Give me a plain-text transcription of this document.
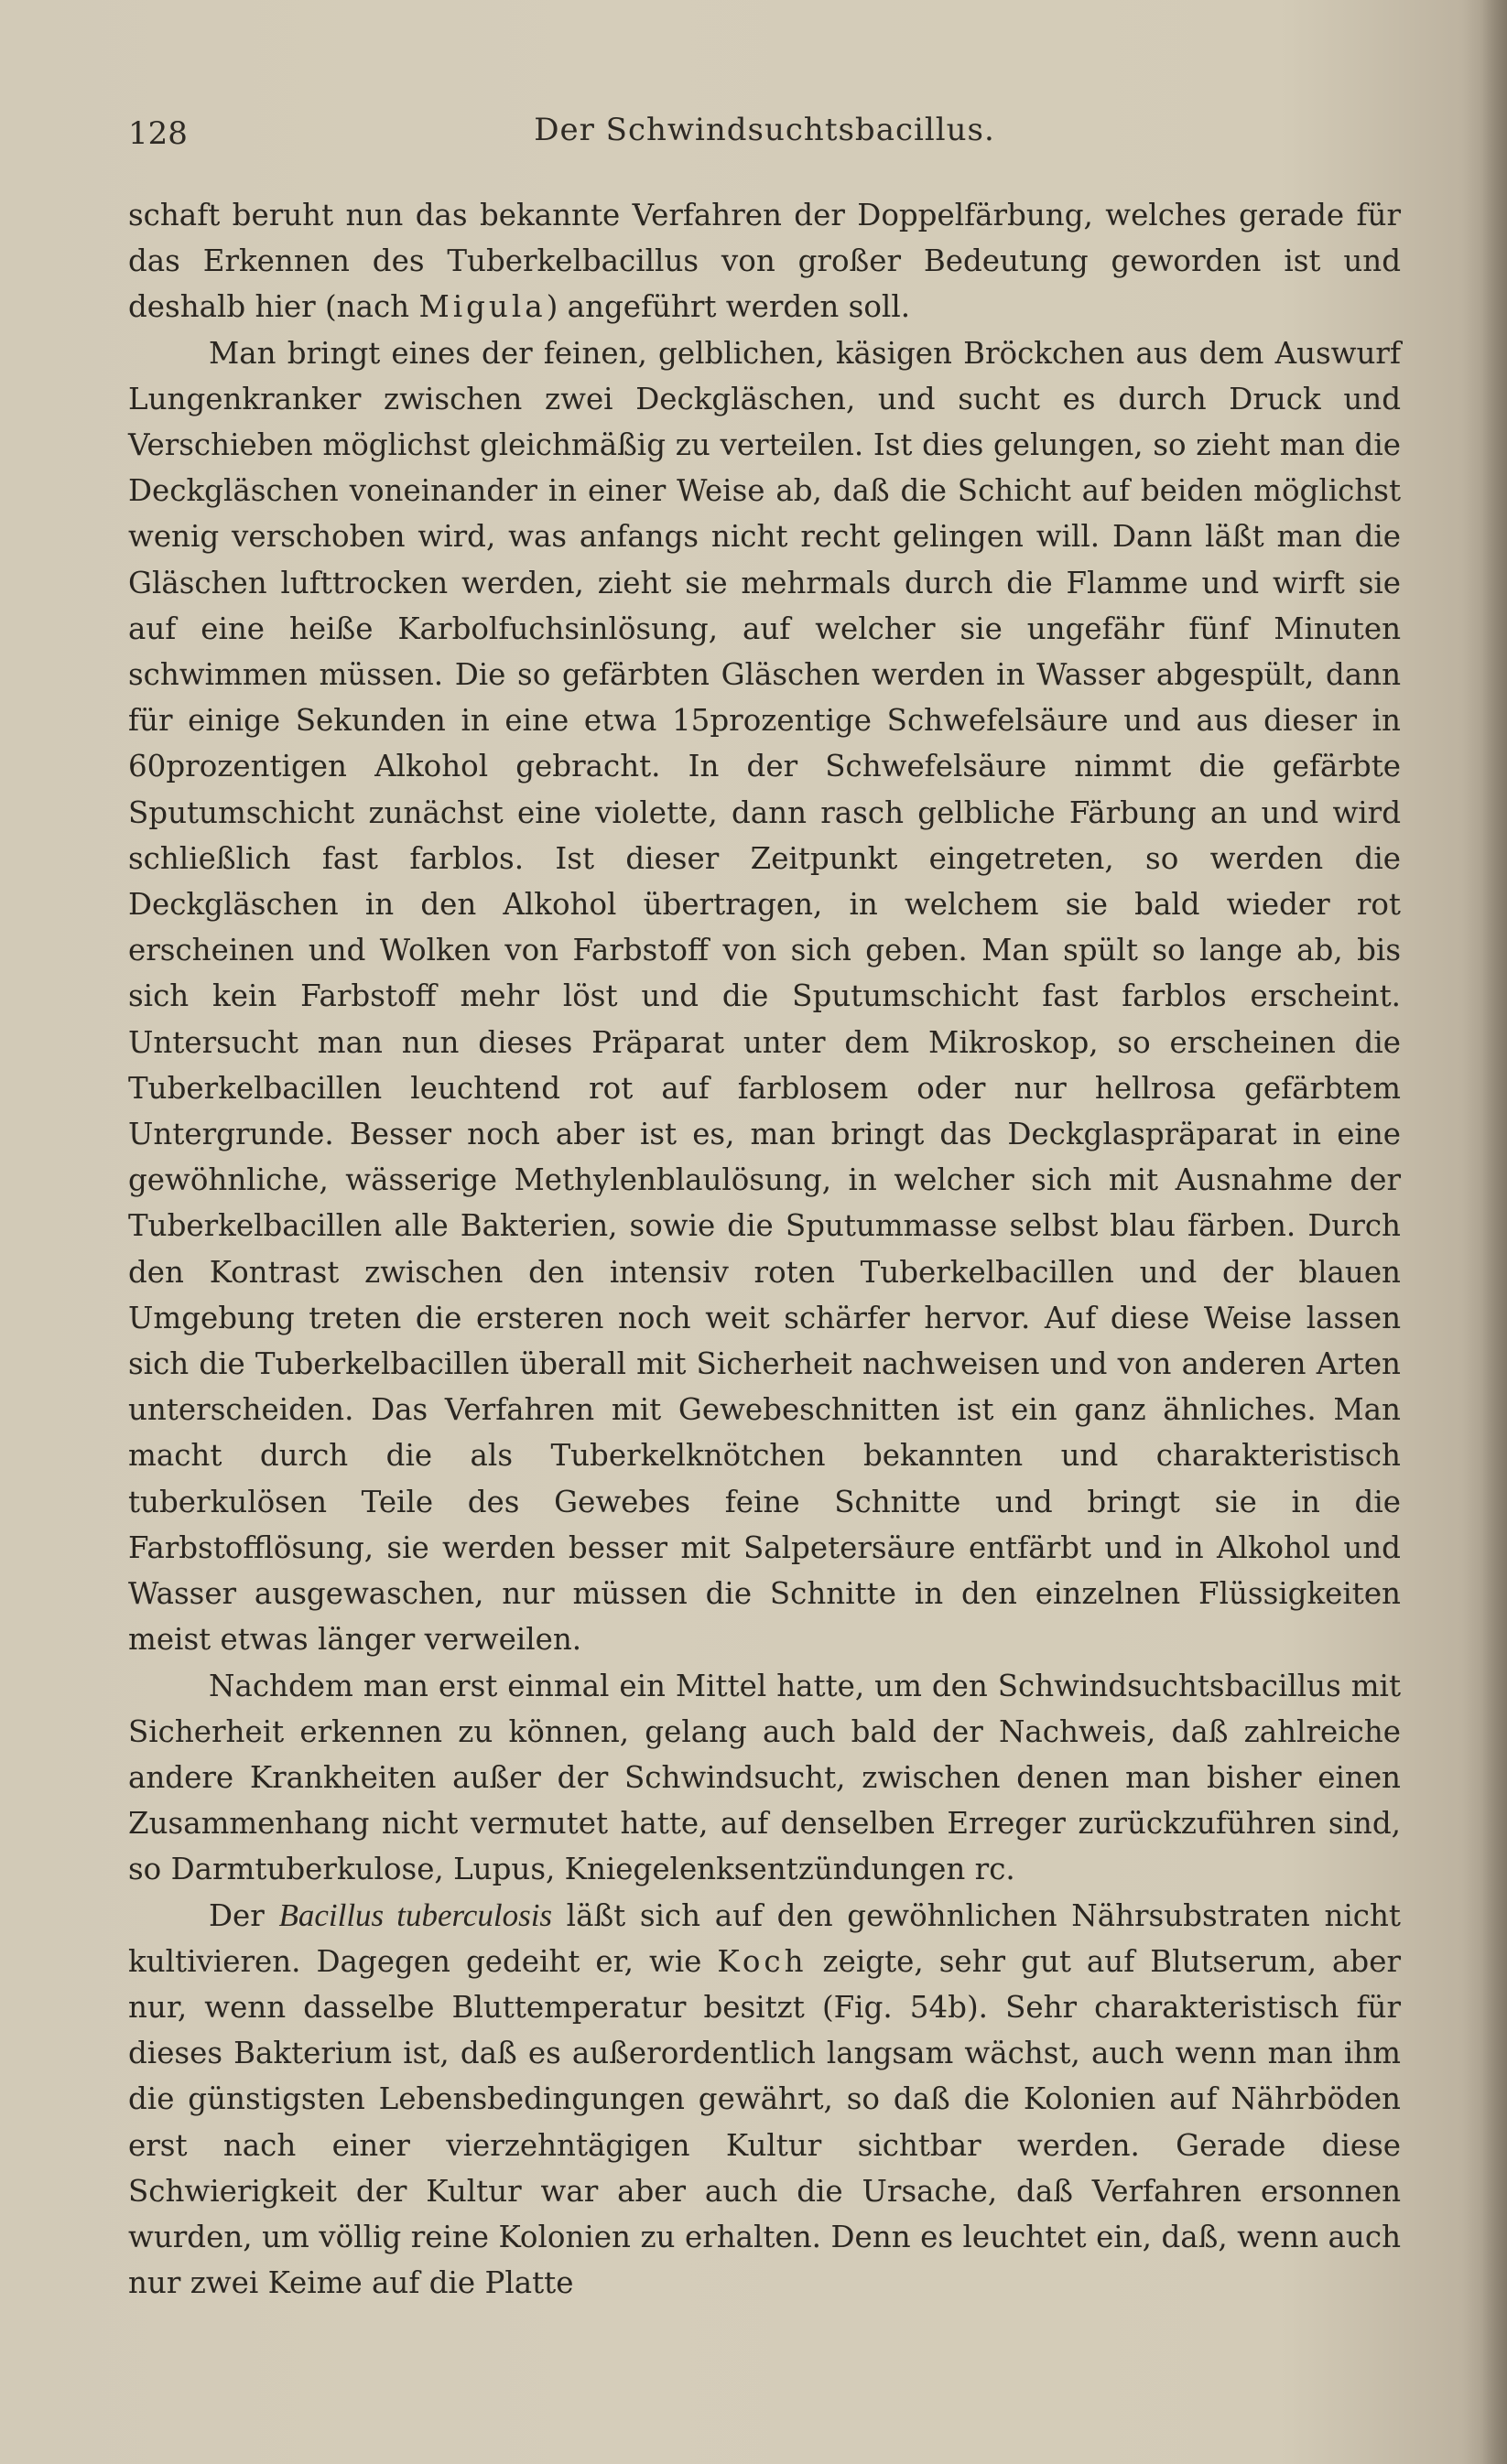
128	Der Schwindsuchtsbacillus.

schaft beruht nun das bekannte Verfahren der Doppelfärbung, welches gerade für das Erkennen des Tuberkelbacillus von großer Bedeutung geworden ist und deshalb hier (nach Migula) angeführt werden soll.

Man bringt eines der feinen, gelblichen, käsigen Bröckchen aus dem Auswurf Lungenkranker zwischen zwei Deckgläschen, und sucht es durch Druck und Verschieben möglichst gleichmäßig zu verteilen. Ist dies gelungen, so zieht man die Deckgläschen voneinander in einer Weise ab, daß die Schicht auf beiden möglichst wenig verschoben wird, was anfangs nicht recht gelingen will. Dann läßt man die Gläschen lufttrocken werden, zieht sie mehrmals durch die Flamme und wirft sie auf eine heiße Karbolfuchsinlösung, auf welcher sie ungefähr fünf Minuten schwimmen müssen. Die so gefärbten Gläschen werden in Wasser abgespült, dann für einige Sekunden in eine etwa 15prozentige Schwefelsäure und aus dieser in 60prozentigen Alkohol gebracht. In der Schwefelsäure nimmt die gefärbte Sputumschicht zunächst eine violette, dann rasch gelbliche Färbung an und wird schließlich fast farblos. Ist dieser Zeitpunkt eingetreten, so werden die Deckgläschen in den Alkohol übertragen, in welchem sie bald wieder rot erscheinen und Wolken von Farbstoff von sich geben. Man spült so lange ab, bis sich kein Farbstoff mehr löst und die Sputumschicht fast farblos erscheint. Untersucht man nun dieses Präparat unter dem Mikroskop, so erscheinen die Tuberkelbacillen leuchtend rot auf farblosem oder nur hellrosa gefärbtem Untergrunde. Besser noch aber ist es, man bringt das Deckglaspräparat in eine gewöhnliche, wässerige Methylenblaulösung, in welcher sich mit Ausnahme der Tuberkelbacillen alle Bakterien, sowie die Sputummasse selbst blau färben. Durch den Kontrast zwischen den intensiv roten Tuberkelbacillen und der blauen Umgebung treten die ersteren noch weit schärfer hervor. Auf diese Weise lassen sich die Tuberkelbacillen überall mit Sicherheit nachweisen und von anderen Arten unterscheiden. Das Verfahren mit Gewebeschnitten ist ein ganz ähnliches. Man macht durch die als Tuberkelknötchen bekannten und charakteristisch tuberkulösen Teile des Gewebes feine Schnitte und bringt sie in die Farbstofflösung, sie werden besser mit Salpetersäure entfärbt und in Alkohol und Wasser ausgewaschen, nur müssen die Schnitte in den einzelnen Flüssigkeiten meist etwas länger verweilen.

Nachdem man erst einmal ein Mittel hatte, um den Schwindsuchtsbacillus mit Sicherheit erkennen zu können, gelang auch bald der Nachweis, daß zahlreiche andere Krankheiten außer der Schwindsucht, zwischen denen man bisher einen Zusammenhang nicht vermutet hatte, auf denselben Erreger zurückzuführen sind, so Darmtuberkulose, Lupus, Kniegelenksentzündungen rc.

Der Bacillus tuberculosis läßt sich auf den gewöhnlichen Nährsubstraten nicht kultivieren. Dagegen gedeiht er, wie Koch zeigte, sehr gut auf Blutserum, aber nur, wenn dasselbe Bluttemperatur besitzt (Fig. 54b). Sehr charakteristisch für dieses Bakterium ist, daß es außerordentlich langsam wächst, auch wenn man ihm die günstigsten Lebensbedingungen gewährt, so daß die Kolonien auf Nährböden erst nach einer vierzehntägigen Kultur sichtbar werden. Gerade diese Schwierigkeit der Kultur war aber auch die Ursache, daß Verfahren ersonnen wurden, um völlig reine Kolonien zu erhalten. Denn es leuchtet ein, daß, wenn auch nur zwei Keime auf die Platte
